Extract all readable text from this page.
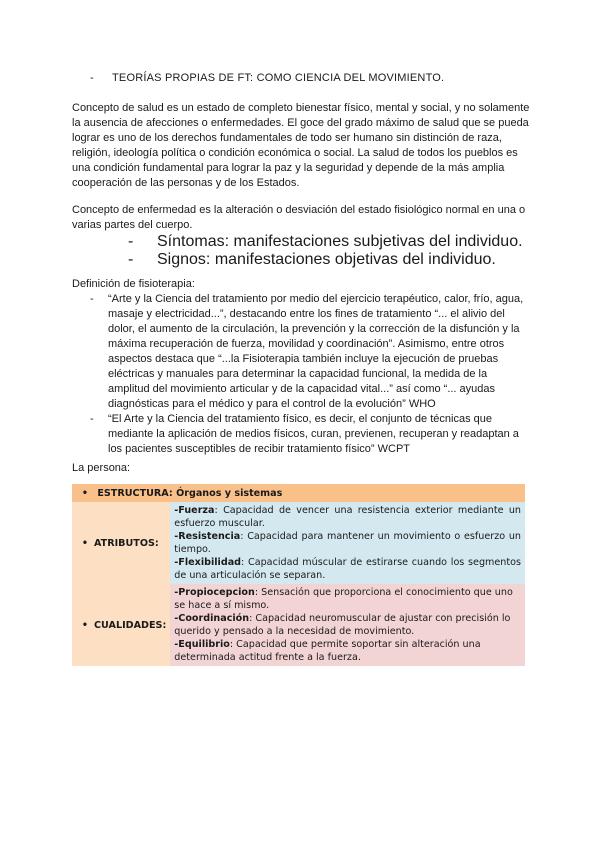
- TEORÍAS PROPIAS DE FT: COMO CIENCIA DEL MOVIMIENTO.

Concepto de salud es un estado de completo bienestar físico, mental y social, y no solamente la ausencia de afecciones o enfermedades. El goce del grado máximo de salud que se pueda lograr es uno de los derechos fundamentales de todo ser humano sin distinción de raza, religión, ideología política o condición económica o social. La salud de todos los pueblos es una condición fundamental para lograr la paz y la seguridad y depende de la más amplia cooperación de las personas y de los Estados.

Concepto de enfermedad es la alteración o desviación del estado fisiológico normal en una o varias partes del cuerpo.

- Síntomas: manifestaciones subjetivas del individuo.
- Signos: manifestaciones objetivas del individuo.

Definición de fisioterapia:

- “Arte y la Ciencia del tratamiento por medio del ejercicio terapéutico, calor, frío, agua, masaje y electricidad...”, destacando entre los fines de tratamiento “... el alivio del dolor, el aumento de la circulación, la prevención y la corrección de la disfunción y la máxima recuperación de fuerza, movilidad y coordinación”. Asimismo, entre otros aspectos destaca que “...la Fisioterapia también incluye la ejecución de pruebas eléctricas y manuales para determinar la capacidad funcional, la medida de la amplitud del movimiento articular y de la capacidad vital...” así como “... ayudas diagnósticas para el médico y para el control de la evolución” WHO
- “El Arte y la Ciencia del tratamiento físico, es decir, el conjunto de técnicas que mediante la aplicación de medios físicos, curan, previenen, recuperan y readaptan a los pacientes susceptibles de recibir tratamiento físico” WCPT

La persona:

• ESTRUCTURA: Órganos y sistemas	
• ATRIBUTOS:	-Fuerza: Capacidad de vencer una resistencia exterior mediante un esfuerzo muscular.
-Resistencia: Capacidad para mantener un movimiento o esfuerzo un tiempo.
-Flexibilidad: Capacidad múscular de estirarse cuando los segmentos de una articulación se separan.

• CUALIDADES:	-Propiocepcion: Sensación que proporciona el conocimiento que uno se hace a sí mismo.
-Coordinación: Capacidad neuromuscular de ajustar con precisión lo querido y pensado a la necesidad de movimiento.
-Equilibrio: Capacidad que permite soportar sin alteración una determinada actitud frente a la fuerza.
